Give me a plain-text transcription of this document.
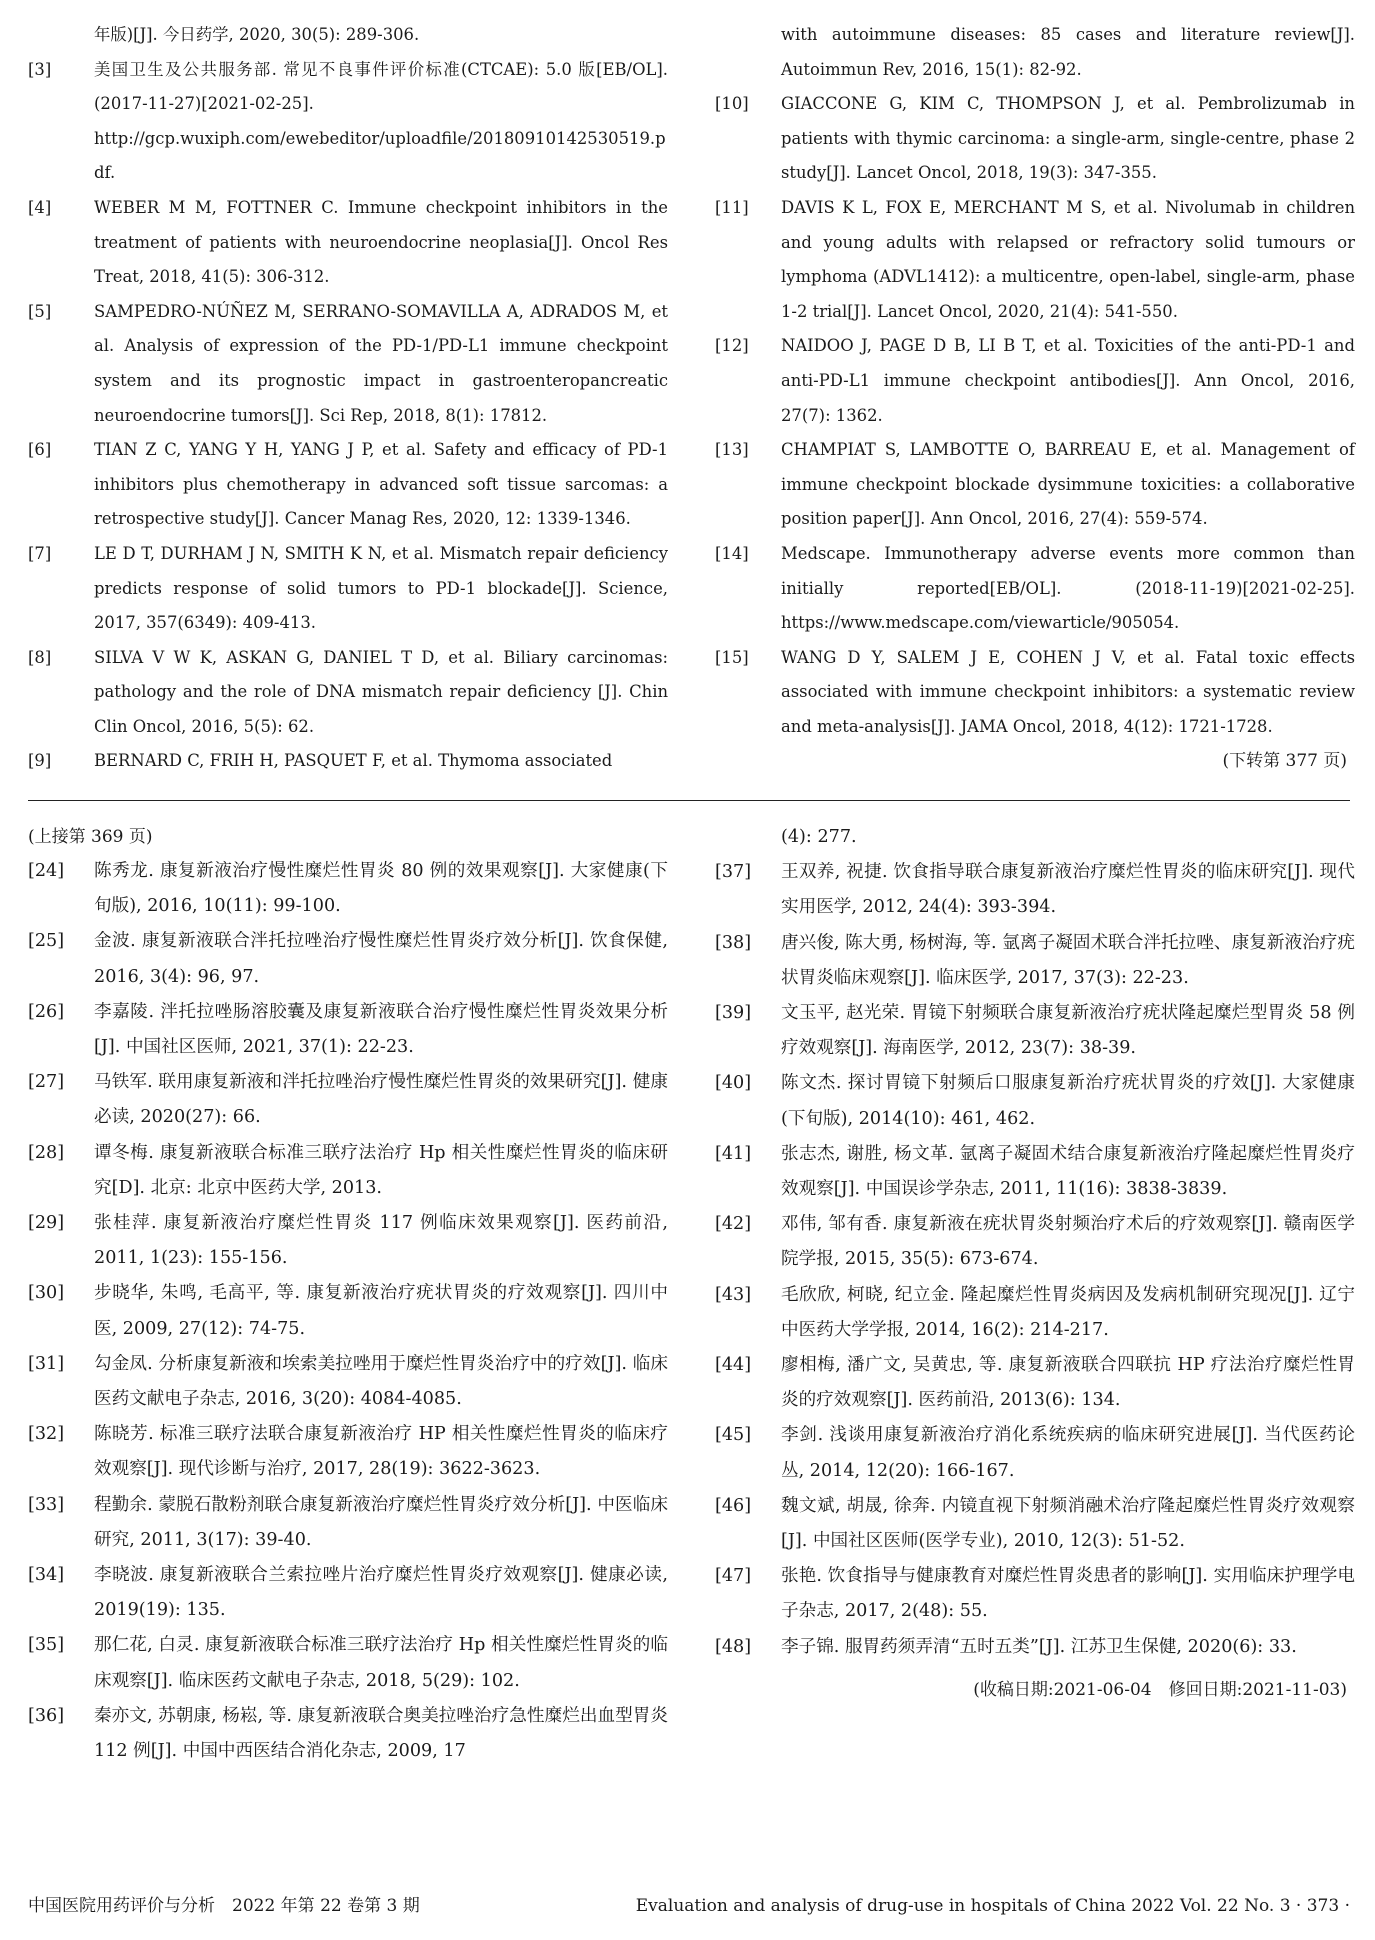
年版)[J]. 今日药学, 2020, 30(5): 289-306.
[3]	美国卫生及公共服务部. 常见不良事件评价标准(CTCAE): 5.0 版[EB/OL]. (2017-11-27)[2021-02-25]. http://gcp.wuxiph.com/ewebeditor/uploadfile/20180910142530519.pdf.
[4]	WEBER M M, FOTTNER C. Immune checkpoint inhibitors in the treatment of patients with neuroendocrine neoplasia[J]. Oncol Res Treat, 2018, 41(5): 306-312.
[5]	SAMPEDRO-NÚÑEZ M, SERRANO-SOMAVILLA A, ADRADOS M, et al. Analysis of expression of the PD-1/PD-L1 immune checkpoint system and its prognostic impact in gastroenteropancreatic neuroendocrine tumors[J]. Sci Rep, 2018, 8(1): 17812.
[6]	TIAN Z C, YANG Y H, YANG J P, et al. Safety and efficacy of PD-1 inhibitors plus chemotherapy in advanced soft tissue sarcomas: a retrospective study[J]. Cancer Manag Res, 2020, 12: 1339-1346.
[7]	LE D T, DURHAM J N, SMITH K N, et al. Mismatch repair deficiency predicts response of solid tumors to PD-1 blockade[J]. Science, 2017, 357(6349): 409-413.
[8]	SILVA V W K, ASKAN G, DANIEL T D, et al. Biliary carcinomas: pathology and the role of DNA mismatch repair deficiency [J]. Chin Clin Oncol, 2016, 5(5): 62.
[9]	BERNARD C, FRIH H, PASQUET F, et al. Thymoma associated
with autoimmune diseases: 85 cases and literature review[J]. Autoimmun Rev, 2016, 15(1): 82-92.
[10]	GIACCONE G, KIM C, THOMPSON J, et al. Pembrolizumab in patients with thymic carcinoma: a single-arm, single-centre, phase 2 study[J]. Lancet Oncol, 2018, 19(3): 347-355.
[11]	DAVIS K L, FOX E, MERCHANT M S, et al. Nivolumab in children and young adults with relapsed or refractory solid tumours or lymphoma (ADVL1412): a multicentre, open-label, single-arm, phase 1-2 trial[J]. Lancet Oncol, 2020, 21(4): 541-550.
[12]	NAIDOO J, PAGE D B, LI B T, et al. Toxicities of the anti-PD-1 and anti-PD-L1 immune checkpoint antibodies[J]. Ann Oncol, 2016, 27(7): 1362.
[13]	CHAMPIAT S, LAMBOTTE O, BARREAU E, et al. Management of immune checkpoint blockade dysimmune toxicities: a collaborative position paper[J]. Ann Oncol, 2016, 27(4): 559-574.
[14]	Medscape. Immunotherapy adverse events more common than initially reported[EB/OL]. (2018-11-19)[2021-02-25]. https://www.medscape.com/viewarticle/905054.
[15]	WANG D Y, SALEM J E, COHEN J V, et al. Fatal toxic effects associated with immune checkpoint inhibitors: a systematic review and meta-analysis[J]. JAMA Oncol, 2018, 4(12): 1721-1728.
(下转第 377 页)
(上接第 369 页)
[24]	陈秀龙. 康复新液治疗慢性糜烂性胃炎 80 例的效果观察[J]. 大家健康(下旬版), 2016, 10(11): 99-100.
[25]	金波. 康复新液联合泮托拉唑治疗慢性糜烂性胃炎疗效分析[J]. 饮食保健, 2016, 3(4): 96, 97.
[26]	李嘉陵. 泮托拉唑肠溶胶囊及康复新液联合治疗慢性糜烂性胃炎效果分析[J]. 中国社区医师, 2021, 37(1): 22-23.
[27]	马铁军. 联用康复新液和泮托拉唑治疗慢性糜烂性胃炎的效果研究[J]. 健康必读, 2020(27): 66.
[28]	谭冬梅. 康复新液联合标准三联疗法治疗 Hp 相关性糜烂性胃炎的临床研究[D]. 北京: 北京中医药大学, 2013.
[29]	张桂萍. 康复新液治疗糜烂性胃炎 117 例临床效果观察[J]. 医药前沿, 2011, 1(23): 155-156.
[30]	步晓华, 朱鸣, 毛高平, 等. 康复新液治疗疣状胃炎的疗效观察[J]. 四川中医, 2009, 27(12): 74-75.
[31]	勾金凤. 分析康复新液和埃索美拉唑用于糜烂性胃炎治疗中的疗效[J]. 临床医药文献电子杂志, 2016, 3(20): 4084-4085.
[32]	陈晓芳. 标准三联疗法联合康复新液治疗 HP 相关性糜烂性胃炎的临床疗效观察[J]. 现代诊断与治疗, 2017, 28(19): 3622-3623.
[33]	程勤余. 蒙脱石散粉剂联合康复新液治疗糜烂性胃炎疗效分析[J]. 中医临床研究, 2011, 3(17): 39-40.
[34]	李晓波. 康复新液联合兰索拉唑片治疗糜烂性胃炎疗效观察[J]. 健康必读, 2019(19): 135.
[35]	那仁花, 白灵. 康复新液联合标准三联疗法治疗 Hp 相关性糜烂性胃炎的临床观察[J]. 临床医药文献电子杂志, 2018, 5(29): 102.
[36]	秦亦文, 苏朝康, 杨崧, 等. 康复新液联合奥美拉唑治疗急性糜烂出血型胃炎 112 例[J]. 中国中西医结合消化杂志, 2009, 17
(4): 277.
[37]	王双养, 祝捷. 饮食指导联合康复新液治疗糜烂性胃炎的临床研究[J]. 现代实用医学, 2012, 24(4): 393-394.
[38]	唐兴俊, 陈大勇, 杨树海, 等. 氩离子凝固术联合泮托拉唑、康复新液治疗疣状胃炎临床观察[J]. 临床医学, 2017, 37(3): 22-23.
[39]	文玉平, 赵光荣. 胃镜下射频联合康复新液治疗疣状隆起糜烂型胃炎 58 例疗效观察[J]. 海南医学, 2012, 23(7): 38-39.
[40]	陈文杰. 探讨胃镜下射频后口服康复新治疗疣状胃炎的疗效[J]. 大家健康(下旬版), 2014(10): 461, 462.
[41]	张志杰, 谢胜, 杨文革. 氩离子凝固术结合康复新液治疗隆起糜烂性胃炎疗效观察[J]. 中国误诊学杂志, 2011, 11(16): 3838-3839.
[42]	邓伟, 邹有香. 康复新液在疣状胃炎射频治疗术后的疗效观察[J]. 赣南医学院学报, 2015, 35(5): 673-674.
[43]	毛欣欣, 柯晓, 纪立金. 隆起糜烂性胃炎病因及发病机制研究现况[J]. 辽宁中医药大学学报, 2014, 16(2): 214-217.
[44]	廖相梅, 潘广文, 吴黄忠, 等. 康复新液联合四联抗 HP 疗法治疗糜烂性胃炎的疗效观察[J]. 医药前沿, 2013(6): 134.
[45]	李剑. 浅谈用康复新液治疗消化系统疾病的临床研究进展[J]. 当代医药论丛, 2014, 12(20): 166-167.
[46]	魏文斌, 胡晟, 徐奔. 内镜直视下射频消融术治疗隆起糜烂性胃炎疗效观察[J]. 中国社区医师(医学专业), 2010, 12(3): 51-52.
[47]	张艳. 饮食指导与健康教育对糜烂性胃炎患者的影响[J]. 实用临床护理学电子杂志, 2017, 2(48): 55.
[48]	李子锦. 服胃药须弄清“五时五类”[J]. 江苏卫生保健, 2020(6): 33.
(收稿日期:2021-06-04　修回日期:2021-11-03)
中国医院用药评价与分析　2022 年第 22 卷第 3 期	Evaluation and analysis of drug-use in hospitals of China 2022 Vol. 22 No. 3 · 373 ·
